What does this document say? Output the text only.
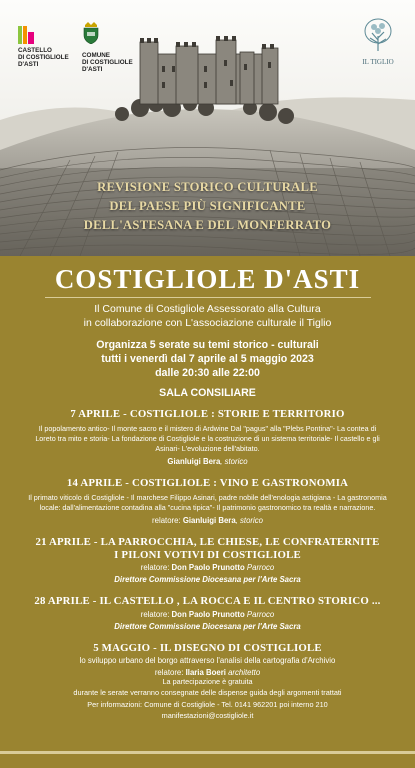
CASTELLO
DI COSTIGLIOLE
D'ASTI
COMUNE
DI COSTIGLIOLE
D'ASTI
IL TIGLIO
REVISIONE STORICO CULTURALE
DEL PAESE PIÙ SIGNIFICANTE
DELL'ASTESANA E DEL MONFERRATO
COSTIGLIOLE D'ASTI
Il Comune di Costigliole Assessorato alla Cultura
in collaborazione con L'associazione culturale il Tiglio
Organizza 5 serate su temi storico - culturali
tutti i venerdì dal 7 aprile al 5 maggio 2023
dalle 20:30 alle 22:00
SALA CONSILIARE
7 APRILE - COSTIGLIOLE : STORIE E TERRITORIO
Il popolamento antico- Il monte sacro e il mistero di Ardwine Dal "pagus" alla "Plebs Pontina"- La contea di Loreto tra mito e storia- La fondazione di Costigliole e la costruzione di un sistema territoriale- Il castello e gli Asinari- L'evoluzione dell'abitato.
Gianluigi Bera, storico
14 APRILE - COSTIGLIOLE : VINO E GASTRONOMIA
Il primato viticolo di Costigliole - Il marchese Filippo Asinari, padre nobile dell'enologia astigiana - La gastronomia locale: dall'alimentazione contadina alla "cucina tipica"- Il patrimonio gastronomico tra realtà e narrazione.
relatore: Gianluigi Bera, storico
21 APRILE - LA PARROCCHIA, LE CHIESE, LE CONFRATERNITE
I PILONI VOTIVI DI COSTIGLIOLE
relatore: Don Paolo Prunotto Parroco
Direttore Commissione Diocesana per l'Arte Sacra
28 APRILE - IL CASTELLO , LA ROCCA E IL CENTRO STORICO ...
relatore: Don Paolo Prunotto Parroco
Direttore Commissione Diocesana per l'Arte Sacra
5 MAGGIO - IL DISEGNO DI COSTIGLIOLE
lo sviluppo urbano del borgo attraverso l'analisi della cartografia d'Archivio
relatore: Ilaria Boeri architetto
La partecipazione è gratuita
durante le serate verranno consegnate delle dispense guida degli argomenti trattati
Per informazioni: Comune di Costigliole - Tel. 0141 962201 poi interno 210
manifestazioni@costigliole.it
